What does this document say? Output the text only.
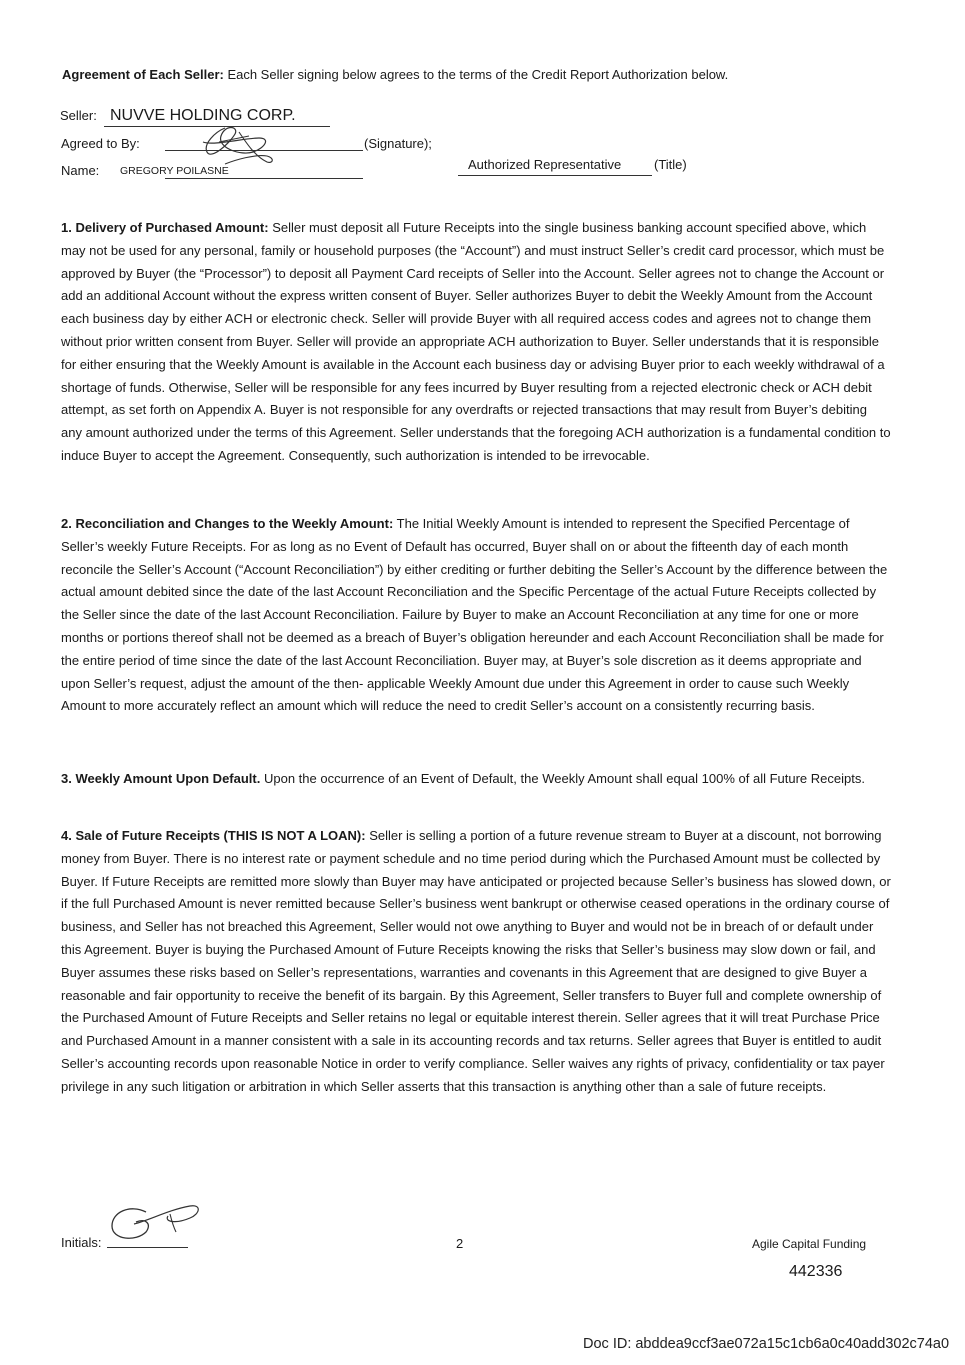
Agreement of Each Seller: Each Seller signing below agrees to the terms of the Credit Report Authorization below.
Seller: NUVVE HOLDING CORP.
Agreed to By:	(Signature);
Name: GREGORY POILASNE	Authorized Representative	(Title)
1. Delivery of Purchased Amount: Seller must deposit all Future Receipts into the single business banking account specified above, which may not be used for any personal, family or household purposes (the “Account”) and must instruct Seller’s credit card processor, which must be approved by Buyer (the “Processor”) to deposit all Payment Card receipts of Seller into the Account. Seller agrees not to change the Account or add an additional Account without the express written consent of Buyer. Seller authorizes Buyer to debit the Weekly Amount from the Account each business day by either ACH or electronic check. Seller will provide Buyer with all required access codes and agrees not to change them without prior written consent from Buyer. Seller will provide an appropriate ACH authorization to Buyer. Seller understands that it is responsible for either ensuring that the Weekly Amount is available in the Account each business day or advising Buyer prior to each weekly withdrawal of a shortage of funds. Otherwise, Seller will be responsible for any fees incurred by Buyer resulting from a rejected electronic check or ACH debit attempt, as set forth on Appendix A. Buyer is not responsible for any overdrafts or rejected transactions that may result from Buyer’s debiting any amount authorized under the terms of this Agreement. Seller understands that the foregoing ACH authorization is a fundamental condition to induce Buyer to accept the Agreement. Consequently, such authorization is intended to be irrevocable.
2. Reconciliation and Changes to the Weekly Amount: The Initial Weekly Amount is intended to represent the Specified Percentage of Seller’s weekly Future Receipts. For as long as no Event of Default has occurred, Buyer shall on or about the fifteenth day of each month reconcile the Seller’s Account (“Account Reconciliation”) by either crediting or further debiting the Seller’s Account by the difference between the actual amount debited since the date of the last Account Reconciliation and the Specific Percentage of the actual Future Receipts collected by the Seller since the date of the last Account Reconciliation. Failure by Buyer to make an Account Reconciliation at any time for one or more months or portions thereof shall not be deemed as a breach of Buyer’s obligation hereunder and each Account Reconciliation shall be made for the entire period of time since the date of the last Account Reconciliation. Buyer may, at Buyer’s sole discretion as it deems appropriate and upon Seller’s request, adjust the amount of the then- applicable Weekly Amount due under this Agreement in order to cause such Weekly Amount to more accurately reflect an amount which will reduce the need to credit Seller’s account on a consistently recurring basis.
3. Weekly Amount Upon Default. Upon the occurrence of an Event of Default, the Weekly Amount shall equal 100% of all Future Receipts.
4. Sale of Future Receipts (THIS IS NOT A LOAN): Seller is selling a portion of a future revenue stream to Buyer at a discount, not borrowing money from Buyer. There is no interest rate or payment schedule and no time period during which the Purchased Amount must be collected by Buyer. If Future Receipts are remitted more slowly than Buyer may have anticipated or projected because Seller’s business has slowed down, or if the full Purchased Amount is never remitted because Seller’s business went bankrupt or otherwise ceased operations in the ordinary course of business, and Seller has not breached this Agreement, Seller would not owe anything to Buyer and would not be in breach of or default under this Agreement. Buyer is buying the Purchased Amount of Future Receipts knowing the risks that Seller’s business may slow down or fail, and Buyer assumes these risks based on Seller’s representations, warranties and covenants in this Agreement that are designed to give Buyer a reasonable and fair opportunity to receive the benefit of its bargain. By this Agreement, Seller transfers to Buyer full and complete ownership of the Purchased Amount of Future Receipts and Seller retains no legal or equitable interest therein. Seller agrees that it will treat Purchase Price and Purchased Amount in a manner consistent with a sale in its accounting records and tax returns. Seller agrees that Buyer is entitled to audit Seller’s accounting records upon reasonable Notice in order to verify compliance. Seller waives any rights of privacy, confidentiality or tax payer privilege in any such litigation or arbitration in which Seller asserts that this transaction is anything other than a sale of future receipts.
Initials:	2	Agile Capital Funding
442336
Doc ID: abddea9ccf3ae072a15c1cb6a0c40add302c74a0
